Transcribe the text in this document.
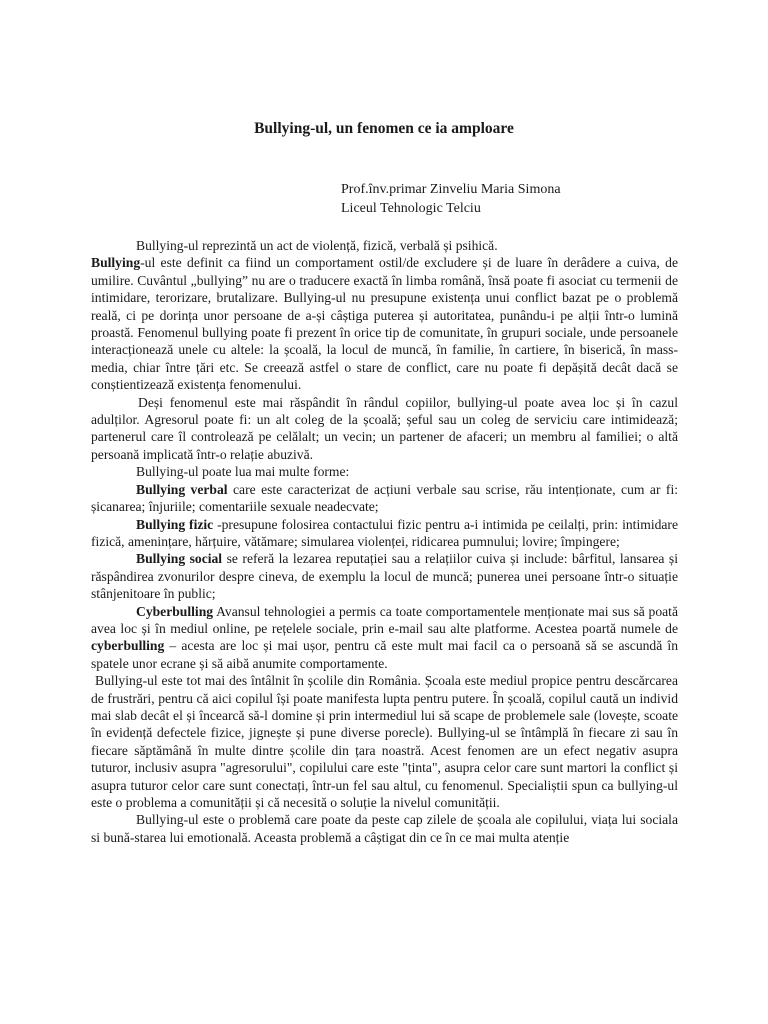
Bullying-ul, un fenomen ce ia amploare
Prof.înv.primar Zinveliu Maria Simona
Liceul Tehnologic Telciu

Bullying-ul reprezintă un act de violență, fizică, verbală și psihică.

Bullying-ul este definit ca fiind un comportament ostil/de excludere și de luare în derâdere a cuiva, de umilire. Cuvântul „bullying” nu are o traducere exactă în limba română, însă poate fi asociat cu termenii de intimidare, terorizare, brutalizare. Bullying-ul nu presupune existența unui conflict bazat pe o problemă reală, ci pe dorința unor persoane de a-și câștiga puterea și autoritatea, punându-i pe alții într-o lumină proastă. Fenomenul bullying poate fi prezent în orice tip de comunitate, în grupuri sociale, unde persoanele interacționează unele cu altele: la școală, la locul de muncă, în familie, în cartiere, în biserică, în mass-media, chiar între țări etc. Se creează astfel o stare de conflict, care nu poate fi depășită decât dacă se conștientizează existența fenomenului.

Deși fenomenul este mai răspândit în rândul copiilor, bullying-ul poate avea loc și în cazul adulților. Agresorul poate fi: un alt coleg de la școală; șeful sau un coleg de serviciu care intimidează; partenerul care îl controlează pe celălalt; un vecin; un partener de afaceri; un membru al familiei; o altă persoană implicată într-o relație abuzivă.

Bullying-ul poate lua mai multe forme:

Bullying verbal care este caracterizat de acțiuni verbale sau scrise, rău intenționate, cum ar fi: șicanarea; înjuriile; comentariile sexuale neadecvate;

Bullying fizic -presupune folosirea contactului fizic pentru a-i intimida pe ceilalți, prin: intimidare fizică, amenințare, hărțuire, vătămare; simularea violenței, ridicarea pumnului; lovire; împingere;

Bullying social se referă la lezarea reputației sau a relațiilor cuiva și include: bârfitul, lansarea și răspândirea zvonurilor despre cineva, de exemplu la locul de muncă; punerea unei persoane într-o situație stânjenitoare în public;

Cyberbulling Avansul tehnologiei a permis ca toate comportamentele menționate mai sus să poată avea loc și în mediul online, pe rețelele sociale, prin e-mail sau alte platforme. Acestea poartă numele de cyberbulling – acesta are loc și mai ușor, pentru că este mult mai facil ca o persoană să se ascundă în spatele unor ecrane și să aibă anumite comportamente.

Bullying-ul este tot mai des întâlnit în școlile din România. Școala este mediul propice pentru descărcarea de frustrări, pentru că aici copilul își poate manifesta lupta pentru putere. În școală, copilul caută un individ mai slab decât el și încearcă să-l domine și prin intermediul lui să scape de problemele sale (lovește, scoate în evidență defectele fizice, jignește și pune diverse porecle). Bullying-ul se întâmplă în fiecare zi sau în fiecare săptămână în multe dintre școlile din țara noastră. Acest fenomen are un efect negativ asupra tuturor, inclusiv asupra "agresorului", copilului care este "ținta", asupra celor care sunt martori la conflict și asupra tuturor celor care sunt conectați, într-un fel sau altul, cu fenomenul. Specialiștii spun ca bullying-ul este o problema a comunității și că necesită o soluție la nivelul comunității.

Bullying-ul este o problemă care poate da peste cap zilele de școala ale copilului, viața lui sociala si bună-starea lui emotională. Aceasta problemă a câștigat din ce în ce mai multa atenție
